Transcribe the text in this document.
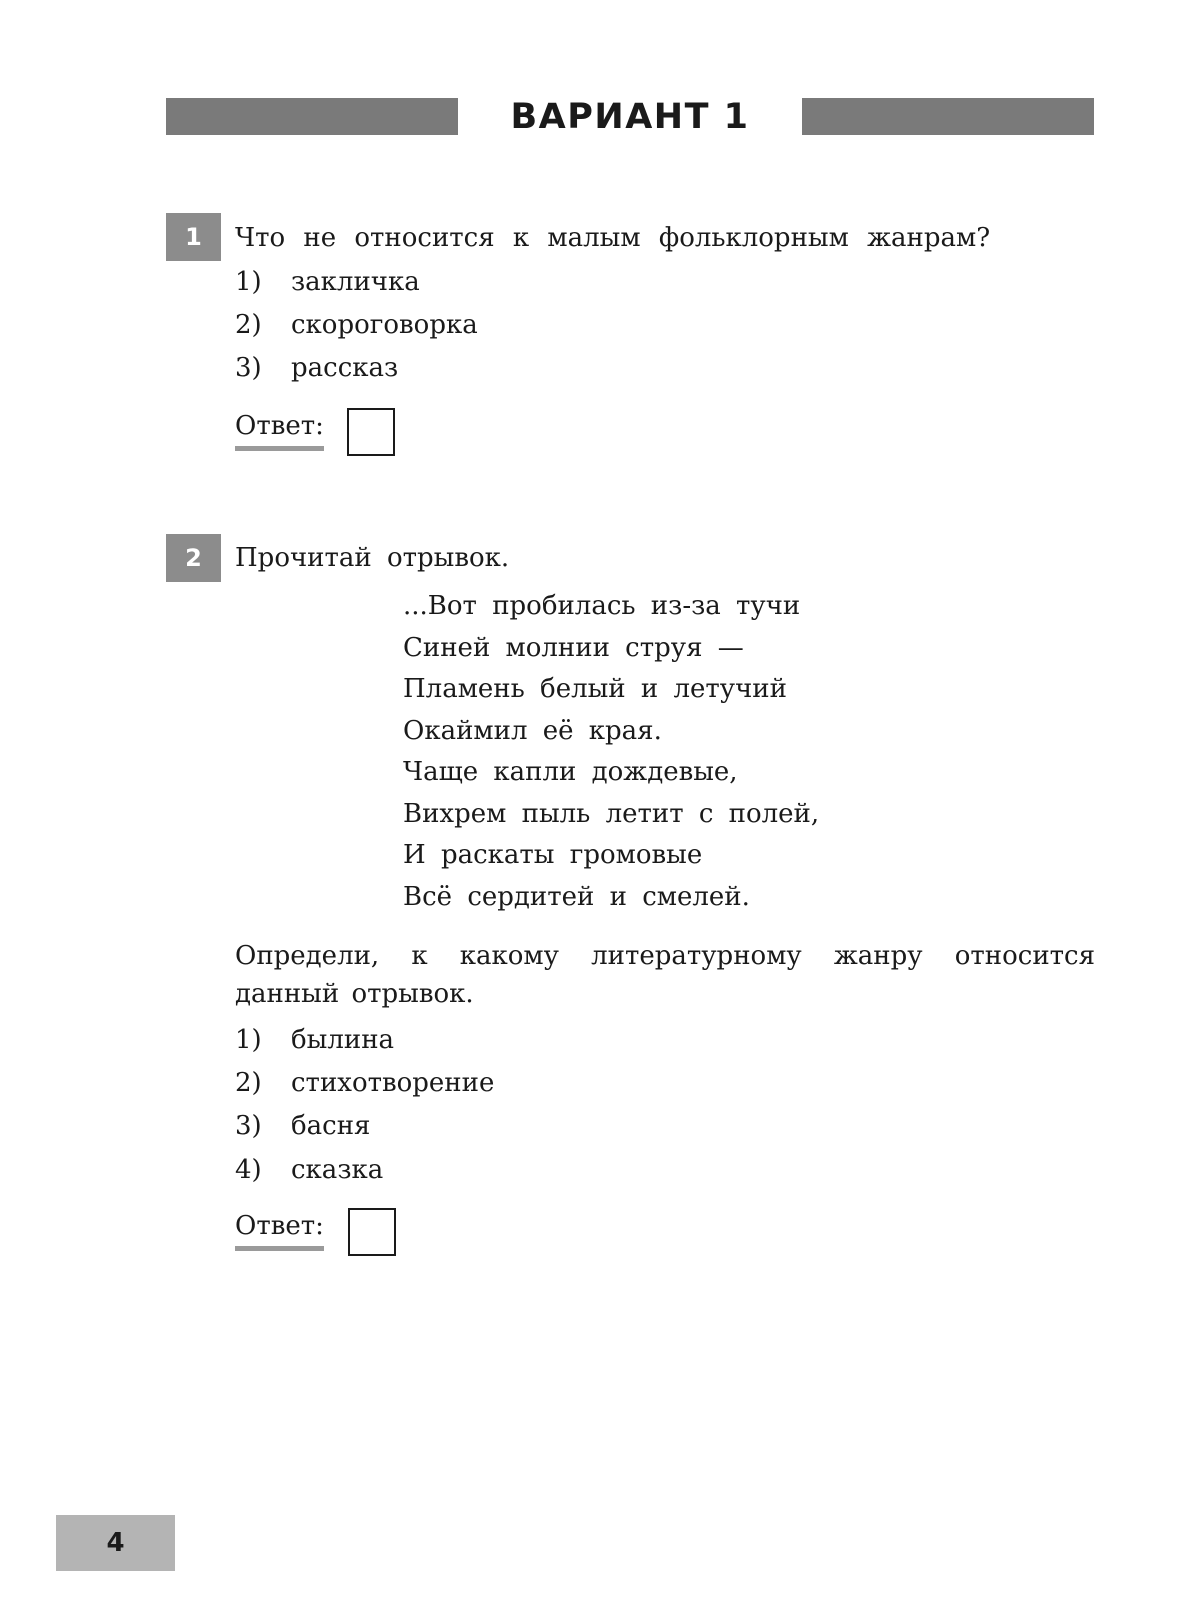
ВАРИАНТ 1
1	Что не относится к малым фольклорным жанрам?
1) закличка
2) скороговорка
3) рассказ
Ответ:
2	Прочитай отрывок.
...Вот пробилась из-за тучи
Синей молнии струя —
Пламень белый и летучий
Окаймил её края.
Чаще капли дождевые,
Вихрем пыль летит с полей,
И раскаты громовые
Всё сердитей и смелей.
Определи, к какому литературному жанру относится данный отрывок.
1) былина
2) стихотворение
3) басня
4) сказка
Ответ:
4
